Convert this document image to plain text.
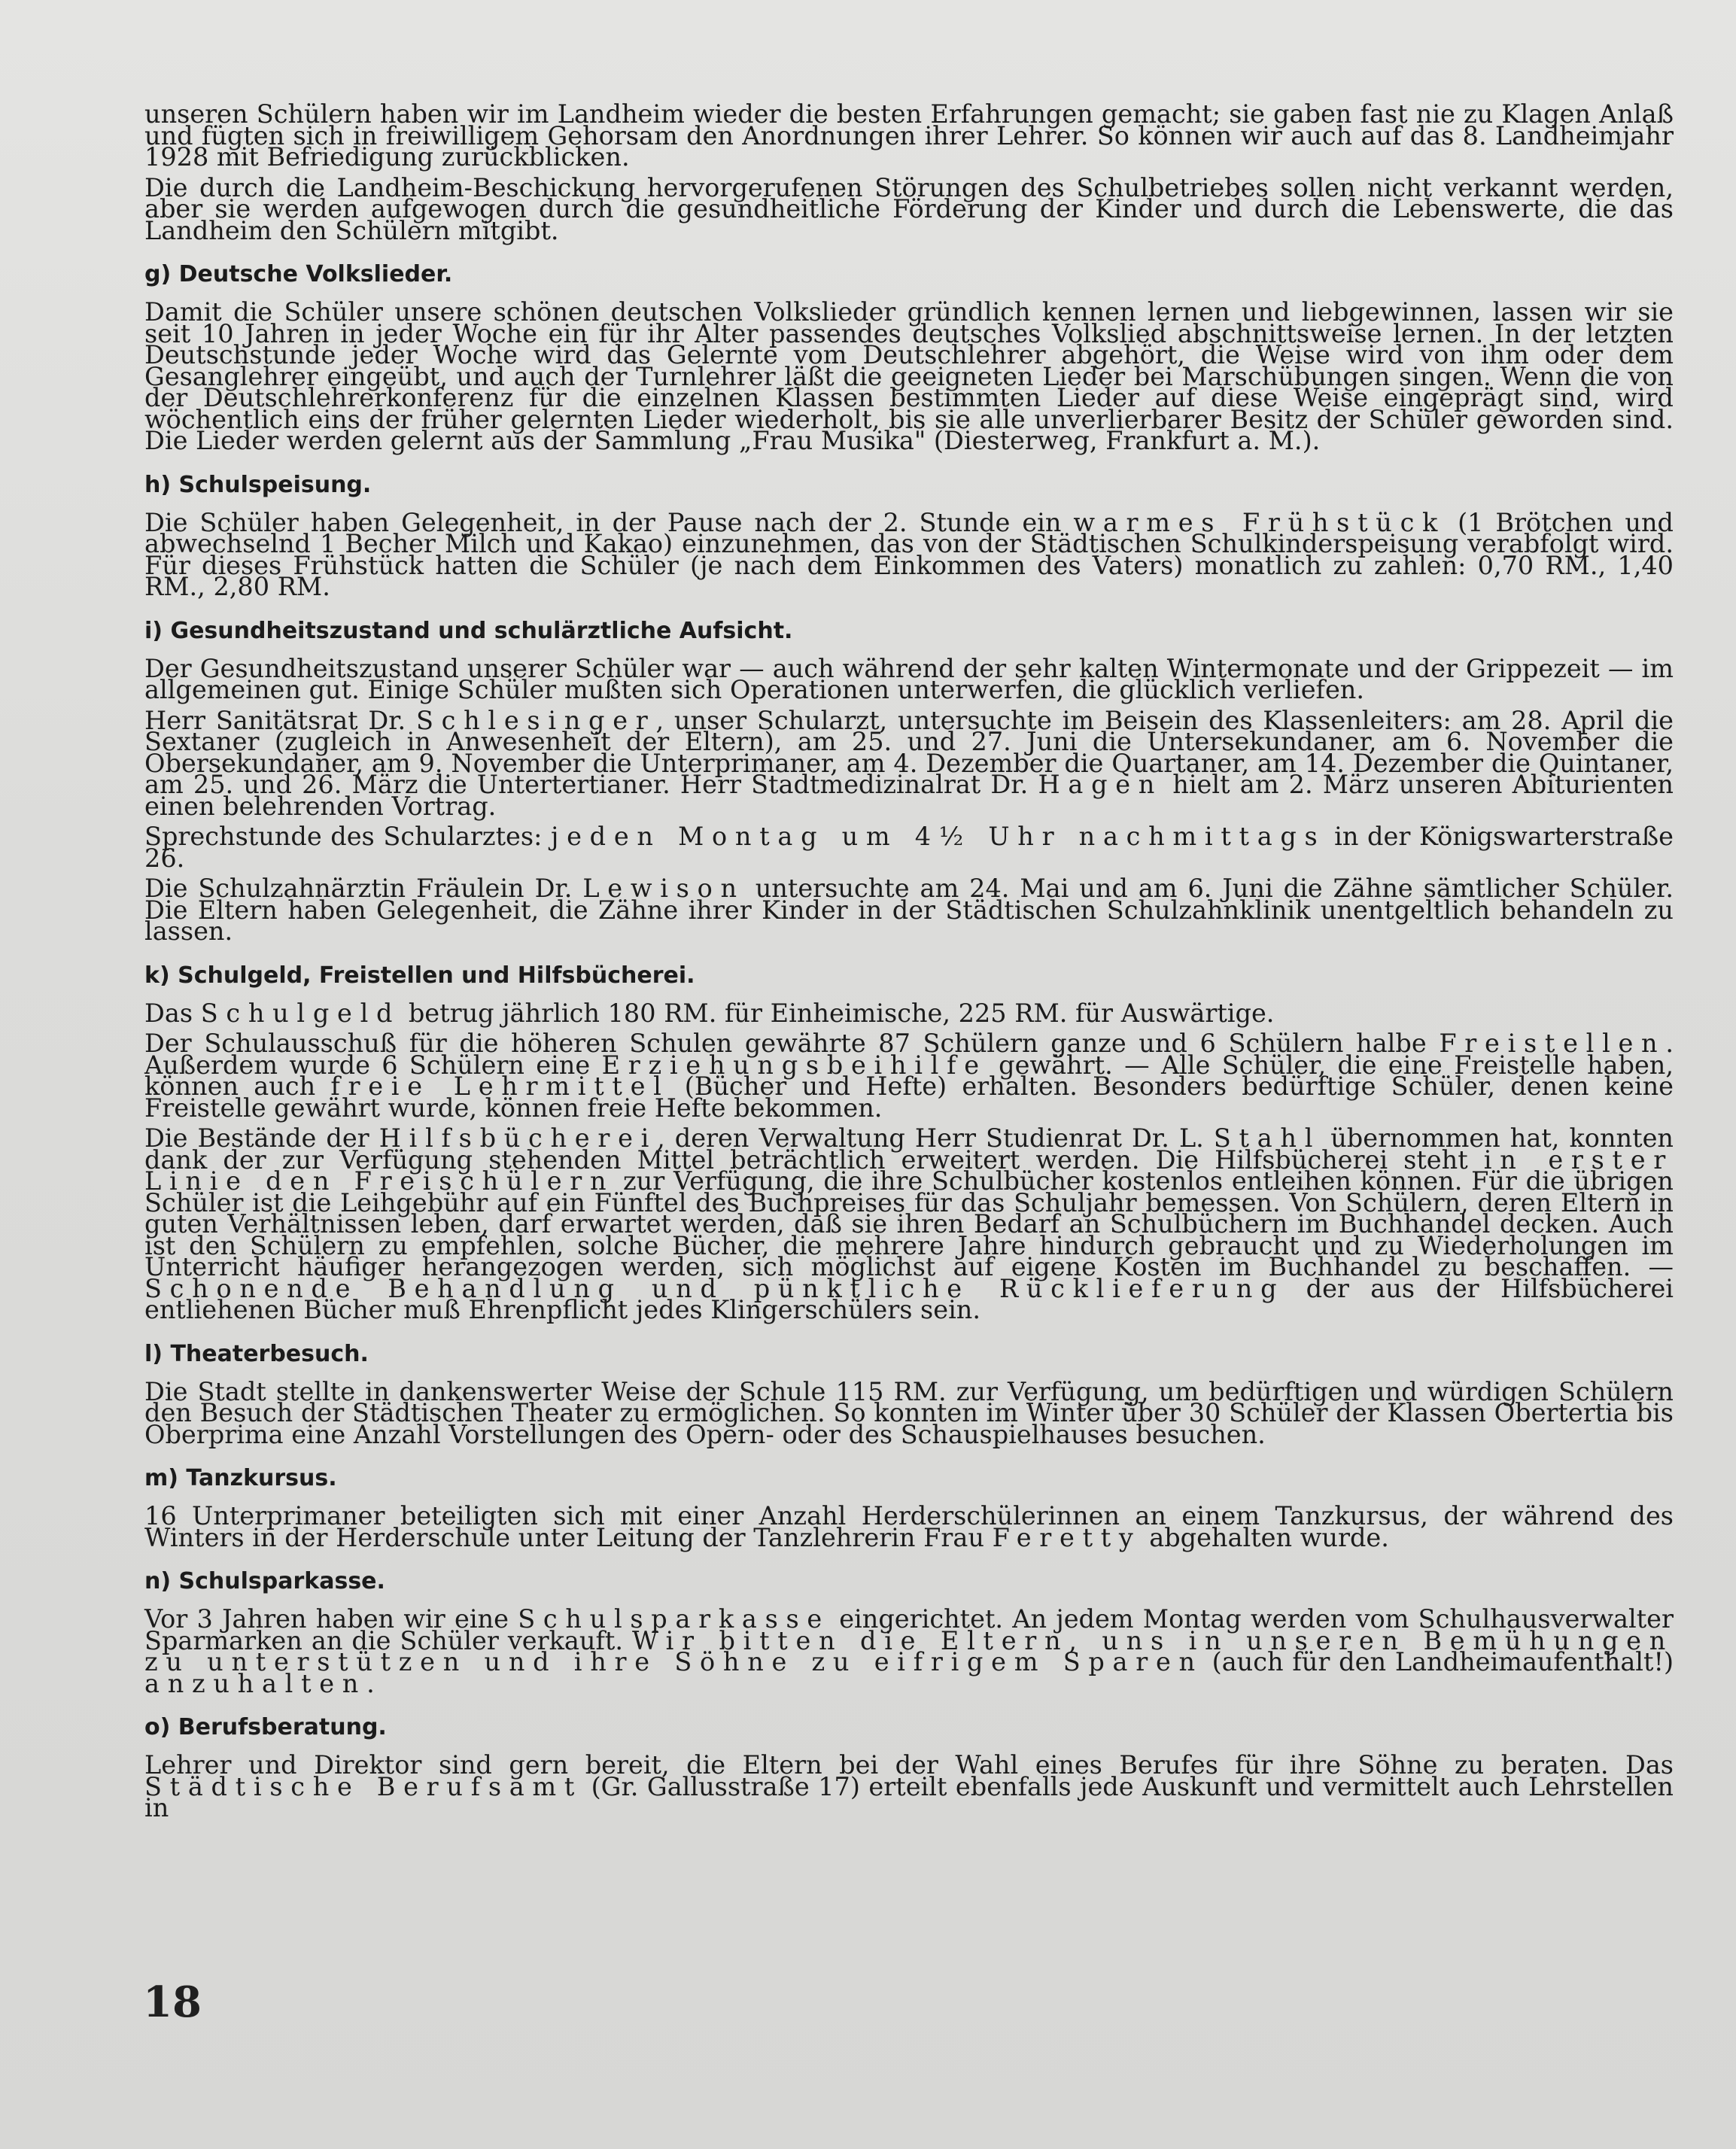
unseren Schülern haben wir im Landheim wieder die besten Erfahrungen gemacht; sie gaben fast nie zu Klagen Anlaß und fügten sich in freiwilligem Gehorsam den Anordnungen ihrer Lehrer. So können wir auch auf das 8. Landheimjahr 1928 mit Befriedigung zurückblicken.

Die durch die Landheim-Beschickung hervorgerufenen Störungen des Schulbetriebes sollen nicht verkannt werden, aber sie werden aufgewogen durch die gesundheitliche Förderung der Kinder und durch die Lebenswerte, die das Landheim den Schülern mitgibt.

g) Deutsche Volkslieder.

Damit die Schüler unsere schönen deutschen Volkslieder gründlich kennen lernen und liebgewinnen, lassen wir sie seit 10 Jahren in jeder Woche ein für ihr Alter passendes deutsches Volkslied abschnittsweise lernen. In der letzten Deutschstunde jeder Woche wird das Gelernte vom Deutschlehrer abgehört, die Weise wird von ihm oder dem Gesanglehrer eingeübt, und auch der Turnlehrer läßt die geeigneten Lieder bei Marschübungen singen. Wenn die von der Deutschlehrerkonferenz für die einzelnen Klassen bestimmten Lieder auf diese Weise eingeprägt sind, wird wöchentlich eins der früher gelernten Lieder wiederholt, bis sie alle unverlierbarer Besitz der Schüler geworden sind. Die Lieder werden gelernt aus der Sammlung „Frau Musika" (Diesterweg, Frankfurt a. M.).

h) Schulspeisung.

Die Schüler haben Gelegenheit, in der Pause nach der 2. Stunde ein warmes Frühstück (1 Brötchen und abwechselnd 1 Becher Milch und Kakao) einzunehmen, das von der Städtischen Schulkinderspeisung verabfolgt wird. Für dieses Frühstück hatten die Schüler (je nach dem Einkommen des Vaters) monatlich zu zahlen: 0,70 RM., 1,40 RM., 2,80 RM.

i) Gesundheitszustand und schulärztliche Aufsicht.

Der Gesundheitszustand unserer Schüler war — auch während der sehr kalten Wintermonate und der Grippezeit — im allgemeinen gut. Einige Schüler mußten sich Operationen unterwerfen, die glücklich verliefen.

Herr Sanitätsrat Dr. Schlesinger, unser Schularzt, untersuchte im Beisein des Klassenleiters: am 28. April die Sextaner (zugleich in Anwesenheit der Eltern), am 25. und 27. Juni die Untersekundaner, am 6. November die Obersekundaner, am 9. November die Unterprimaner, am 4. Dezember die Quartaner, am 14. Dezember die Quintaner, am 25. und 26. März die Untertertianer. Herr Stadtmedizinalrat Dr. Hagen hielt am 2. März unseren Abiturienten einen belehrenden Vortrag.

Sprechstunde des Schularztes: jeden Montag um 4½ Uhr nachmittags in der Königswarterstraße 26.

Die Schulzahnärztin Fräulein Dr. Lewison untersuchte am 24. Mai und am 6. Juni die Zähne sämtlicher Schüler. Die Eltern haben Gelegenheit, die Zähne ihrer Kinder in der Städtischen Schulzahnklinik unentgeltlich behandeln zu lassen.

k) Schulgeld, Freistellen und Hilfsbücherei.

Das Schulgeld betrug jährlich 180 RM. für Einheimische, 225 RM. für Auswärtige.

Der Schulausschuß für die höheren Schulen gewährte 87 Schülern ganze und 6 Schülern halbe Freistellen. Außerdem wurde 6 Schülern eine Erziehungsbeihilfe gewährt. — Alle Schüler, die eine Freistelle haben, können auch freie Lehrmittel (Bücher und Hefte) erhalten. Besonders bedürftige Schüler, denen keine Freistelle gewährt wurde, können freie Hefte bekommen.

Die Bestände der Hilfsbücherei, deren Verwaltung Herr Studienrat Dr. L. Stahl übernommen hat, konnten dank der zur Verfügung stehenden Mittel beträchtlich erweitert werden. Die Hilfsbücherei steht in erster Linie den Freischülern zur Verfügung, die ihre Schulbücher kostenlos entleihen können. Für die übrigen Schüler ist die Leihgebühr auf ein Fünftel des Buchpreises für das Schuljahr bemessen. Von Schülern, deren Eltern in guten Verhältnissen leben, darf erwartet werden, daß sie ihren Bedarf an Schulbüchern im Buchhandel decken. Auch ist den Schülern zu empfehlen, solche Bücher, die mehrere Jahre hindurch gebraucht und zu Wiederholungen im Unterricht häufiger herangezogen werden, sich möglichst auf eigene Kosten im Buchhandel zu beschaffen. — Schonende Behandlung und pünktliche Rücklieferung der aus der Hilfsbücherei entliehenen Bücher muß Ehrenpflicht jedes Klingerschülers sein.

l) Theaterbesuch.

Die Stadt stellte in dankenswerter Weise der Schule 115 RM. zur Verfügung, um bedürftigen und würdigen Schülern den Besuch der Städtischen Theater zu ermöglichen. So konnten im Winter über 30 Schüler der Klassen Obertertia bis Oberprima eine Anzahl Vorstellungen des Opern- oder des Schauspielhauses besuchen.

m) Tanzkursus.

16 Unterprimaner beteiligten sich mit einer Anzahl Herderschülerinnen an einem Tanzkursus, der während des Winters in der Herderschule unter Leitung der Tanzlehrerin Frau Feretty abgehalten wurde.

n) Schulsparkasse.

Vor 3 Jahren haben wir eine Schulsparkasse eingerichtet. An jedem Montag werden vom Schulhausverwalter Sparmarken an die Schüler verkauft. Wir bitten die Eltern, uns in unseren Bemühungen zu unterstützen und ihre Söhne zu eifrigem Sparen (auch für den Landheimaufenthalt!) anzuhalten.

o) Berufsberatung.

Lehrer und Direktor sind gern bereit, die Eltern bei der Wahl eines Berufes für ihre Söhne zu beraten. Das Städtische Berufsamt (Gr. Gallusstraße 17) erteilt ebenfalls jede Auskunft und vermittelt auch Lehrstellen in

18
